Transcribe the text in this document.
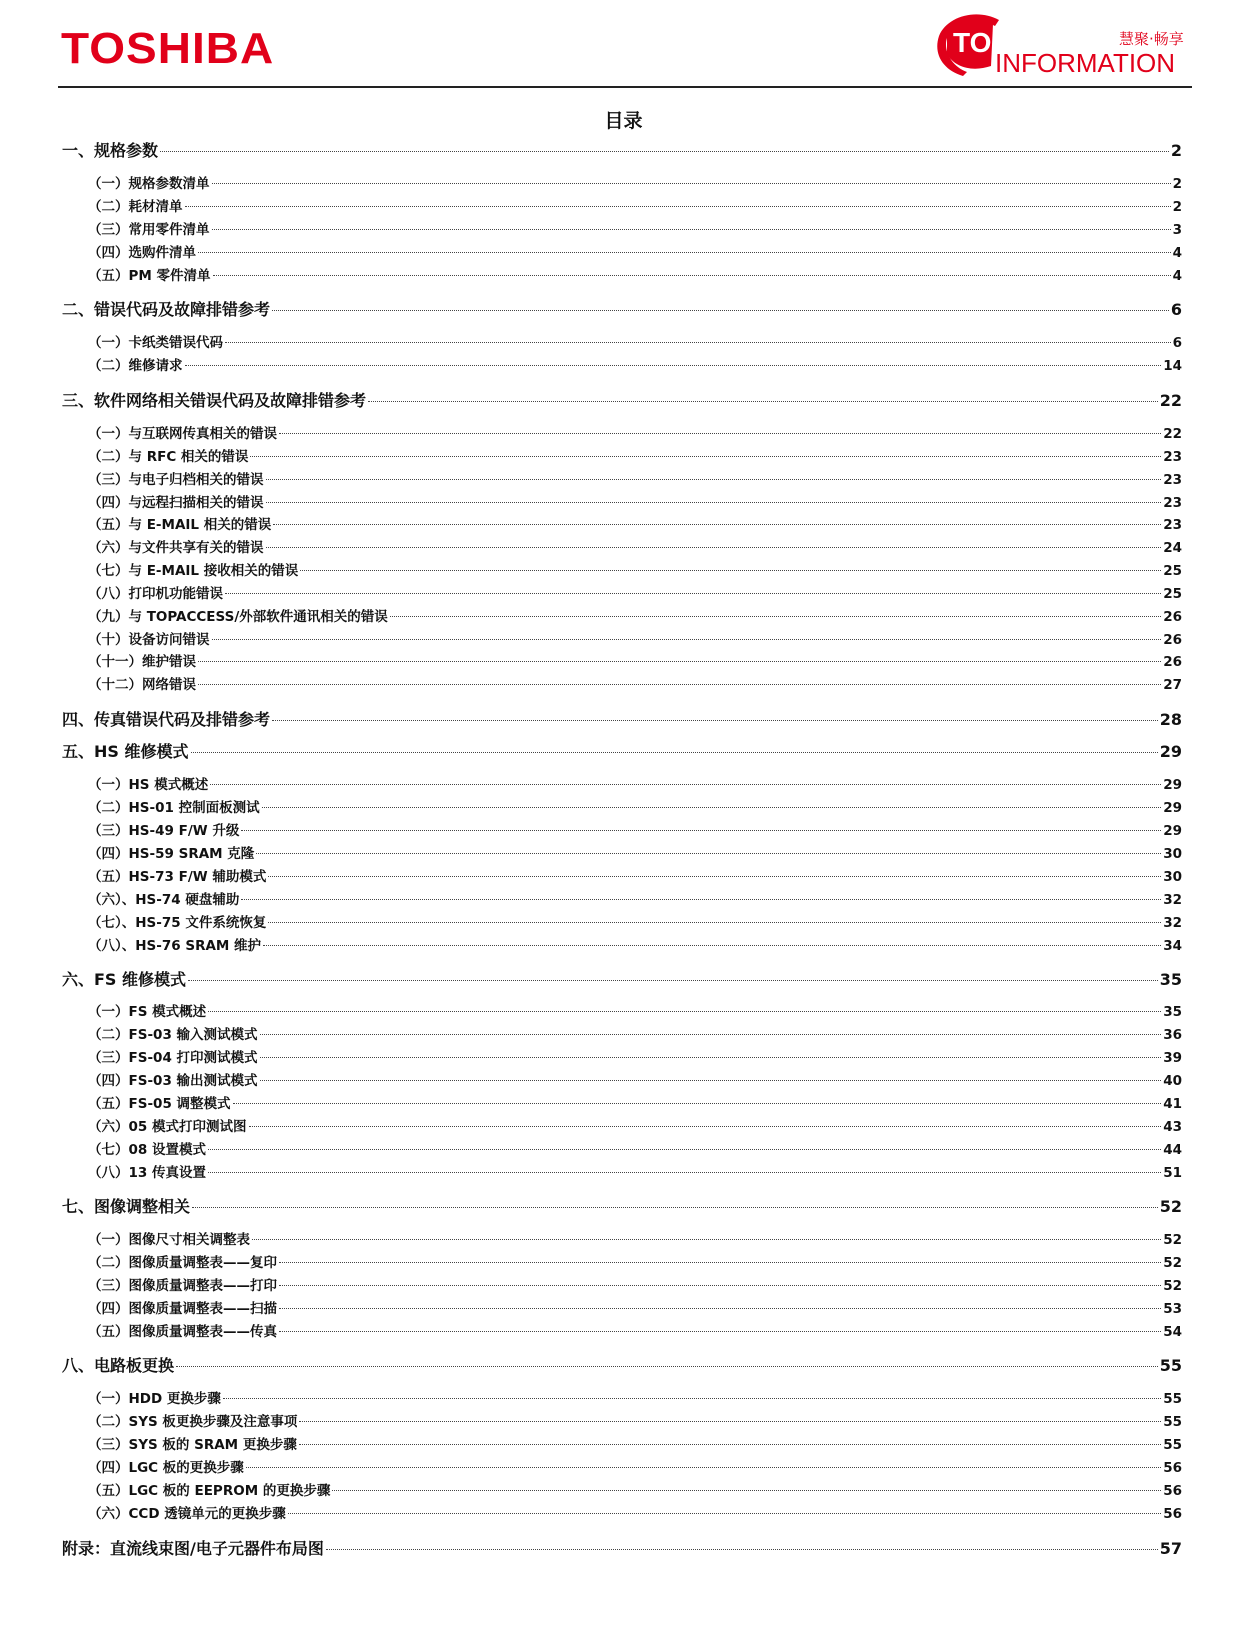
TOSHIBA	TOGETHER
INFORMATION
慧聚·畅享
目录
一、规格参数	2
（一）规格参数清单	2
（二）耗材清单	2
（三）常用零件清单	3
（四）选购件清单	4
（五）PM 零件清单	4
二、错误代码及故障排错参考	6
（一）卡纸类错误代码	6
（二）维修请求	14
三、软件网络相关错误代码及故障排错参考	22
（一）与互联网传真相关的错误	22
（二）与 RFC 相关的错误	23
（三）与电子归档相关的错误	23
（四）与远程扫描相关的错误	23
（五）与 E-MAIL 相关的错误	23
（六）与文件共享有关的错误	24
（七）与 E-MAIL 接收相关的错误	25
（八）打印机功能错误	25
（九）与 TOPACCESS/外部软件通讯相关的错误	26
（十）设备访问错误	26
（十一）维护错误	26
（十二）网络错误	27
四、传真错误代码及排错参考	28
五、HS 维修模式	29
（一）HS 模式概述	29
（二）HS-01 控制面板测试	29
（三）HS-49 F/W 升级	29
（四）HS-59 SRAM 克隆	30
（五）HS-73 F/W 辅助模式	30
（六）、HS-74 硬盘辅助	32
（七）、HS-75 文件系统恢复	32
（八）、HS-76 SRAM 维护	34
六、FS 维修模式	35
（一）FS 模式概述	35
（二）FS-03 输入测试模式	36
（三）FS-04 打印测试模式	39
（四）FS-03 输出测试模式	40
（五）FS-05 调整模式	41
（六）05 模式打印测试图	43
（七）08 设置模式	44
（八）13 传真设置	51
七、图像调整相关	52
（一）图像尺寸相关调整表	52
（二）图像质量调整表——复印	52
（三）图像质量调整表——打印	52
（四）图像质量调整表——扫描	53
（五）图像质量调整表——传真	54
八、电路板更换	55
（一）HDD 更换步骤	55
（二）SYS 板更换步骤及注意事项	55
（三）SYS 板的 SRAM 更换步骤	55
（四）LGC 板的更换步骤	56
（五）LGC 板的 EEPROM 的更换步骤	56
（六）CCD 透镜单元的更换步骤	56
附录：直流线束图/电子元器件布局图	57
